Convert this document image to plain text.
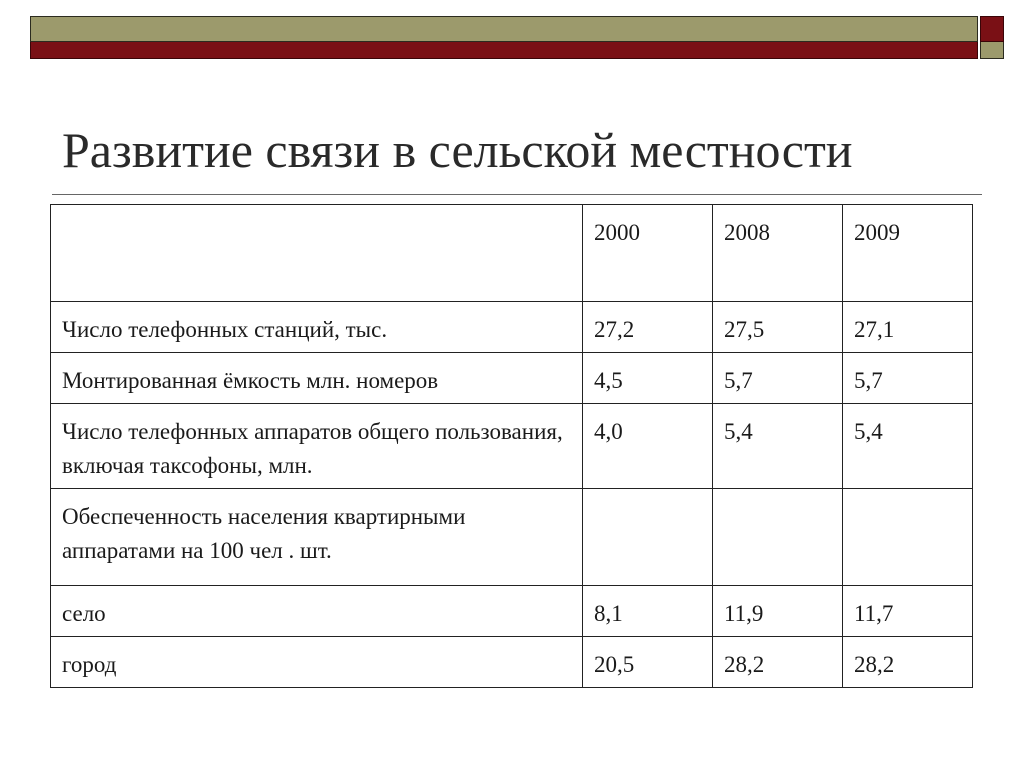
Развитие связи в сельской местности
	2000	2008	2009
Число телефонных станций, тыс.	27,2	27,5	27,1
Монтированная ёмкость млн. номеров	4,5	5,7	5,7
Число телефонных аппаратов общего пользования, включая таксофоны, млн.	4,0	5,4	5,4
Обеспеченность населения квартирными аппаратами на 100 чел . шт.			
село	8,1	11,9	11,7
город	20,5	28,2	28,2
